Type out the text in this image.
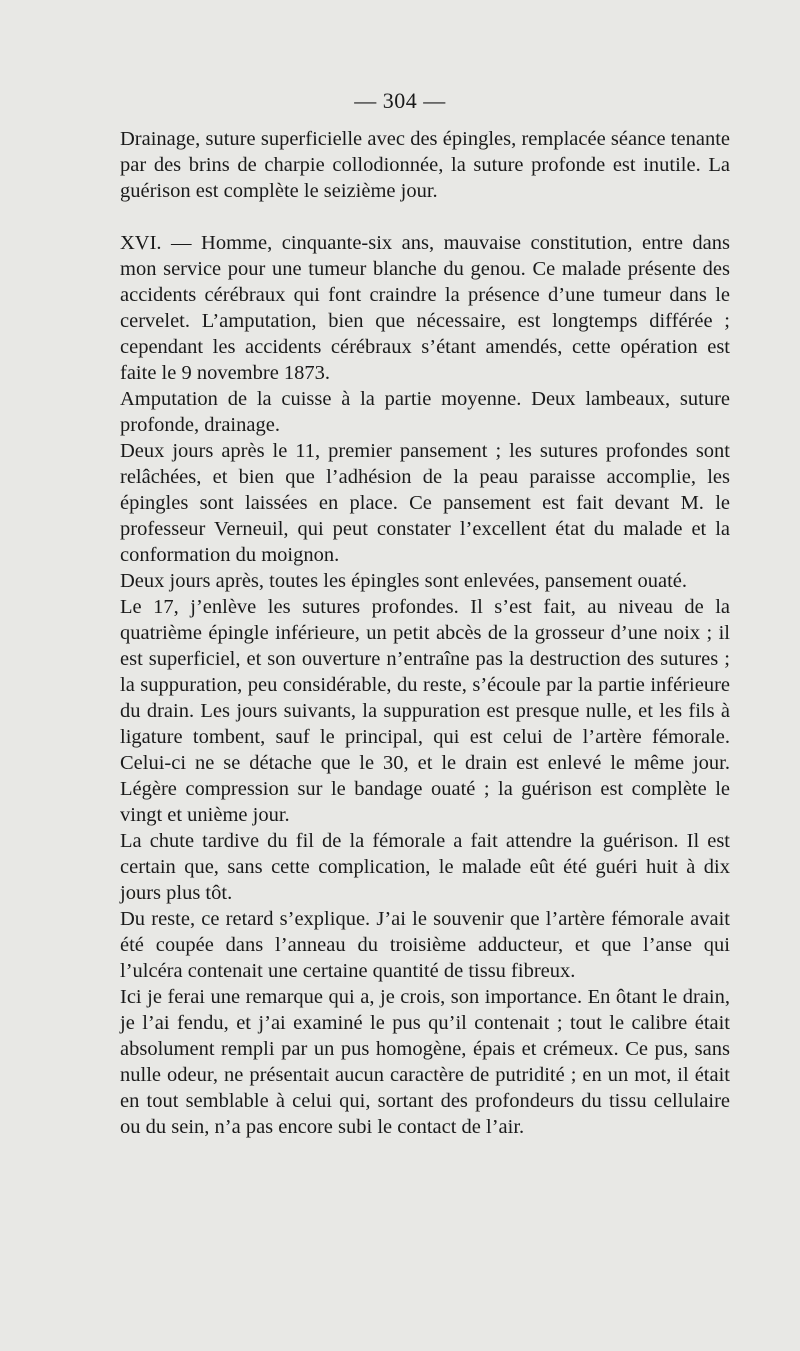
— 304 —

Drainage, suture superficielle avec des épingles, remplacée séance tenante par des brins de charpie collodionnée, la suture profonde est inutile. La guérison est complète le seizième jour.

XVI. — Homme, cinquante-six ans, mauvaise constitution, entre dans mon service pour une tumeur blanche du genou. Ce malade présente des accidents cérébraux qui font craindre la présence d’une tumeur dans le cervelet. L’amputation, bien que nécessaire, est longtemps différée ; cependant les accidents cérébraux s’étant amendés, cette opération est faite le 9 novembre 1873.

Amputation de la cuisse à la partie moyenne. Deux lambeaux, suture profonde, drainage.

Deux jours après le 11, premier pansement ; les sutures profondes sont relâchées, et bien que l’adhésion de la peau paraisse accomplie, les épingles sont laissées en place. Ce pansement est fait devant M. le professeur Verneuil, qui peut constater l’excellent état du malade et la conformation du moignon.

Deux jours après, toutes les épingles sont enlevées, pansement ouaté.

Le 17, j’enlève les sutures profondes. Il s’est fait, au niveau de la quatrième épingle inférieure, un petit abcès de la grosseur d’une noix ; il est superficiel, et son ouverture n’entraîne pas la destruction des sutures ; la suppuration, peu considérable, du reste, s’écoule par la partie inférieure du drain. Les jours suivants, la suppuration est presque nulle, et les fils à ligature tombent, sauf le principal, qui est celui de l’artère fémorale. Celui-ci ne se détache que le 30, et le drain est enlevé le même jour. Légère compression sur le bandage ouaté ; la guérison est complète le vingt et unième jour.

La chute tardive du fil de la fémorale a fait attendre la guérison. Il est certain que, sans cette complication, le malade eût été guéri huit à dix jours plus tôt.

Du reste, ce retard s’explique. J’ai le souvenir que l’artère fémorale avait été coupée dans l’anneau du troisième adducteur, et que l’anse qui l’ulcéra contenait une certaine quantité de tissu fibreux.

Ici je ferai une remarque qui a, je crois, son importance. En ôtant le drain, je l’ai fendu, et j’ai examiné le pus qu’il contenait ; tout le calibre était absolument rempli par un pus homogène, épais et crémeux. Ce pus, sans nulle odeur, ne présentait aucun caractère de putridité ; en un mot, il était en tout semblable à celui qui, sortant des profondeurs du tissu cellulaire ou du sein, n’a pas encore subi le contact de l’air.
